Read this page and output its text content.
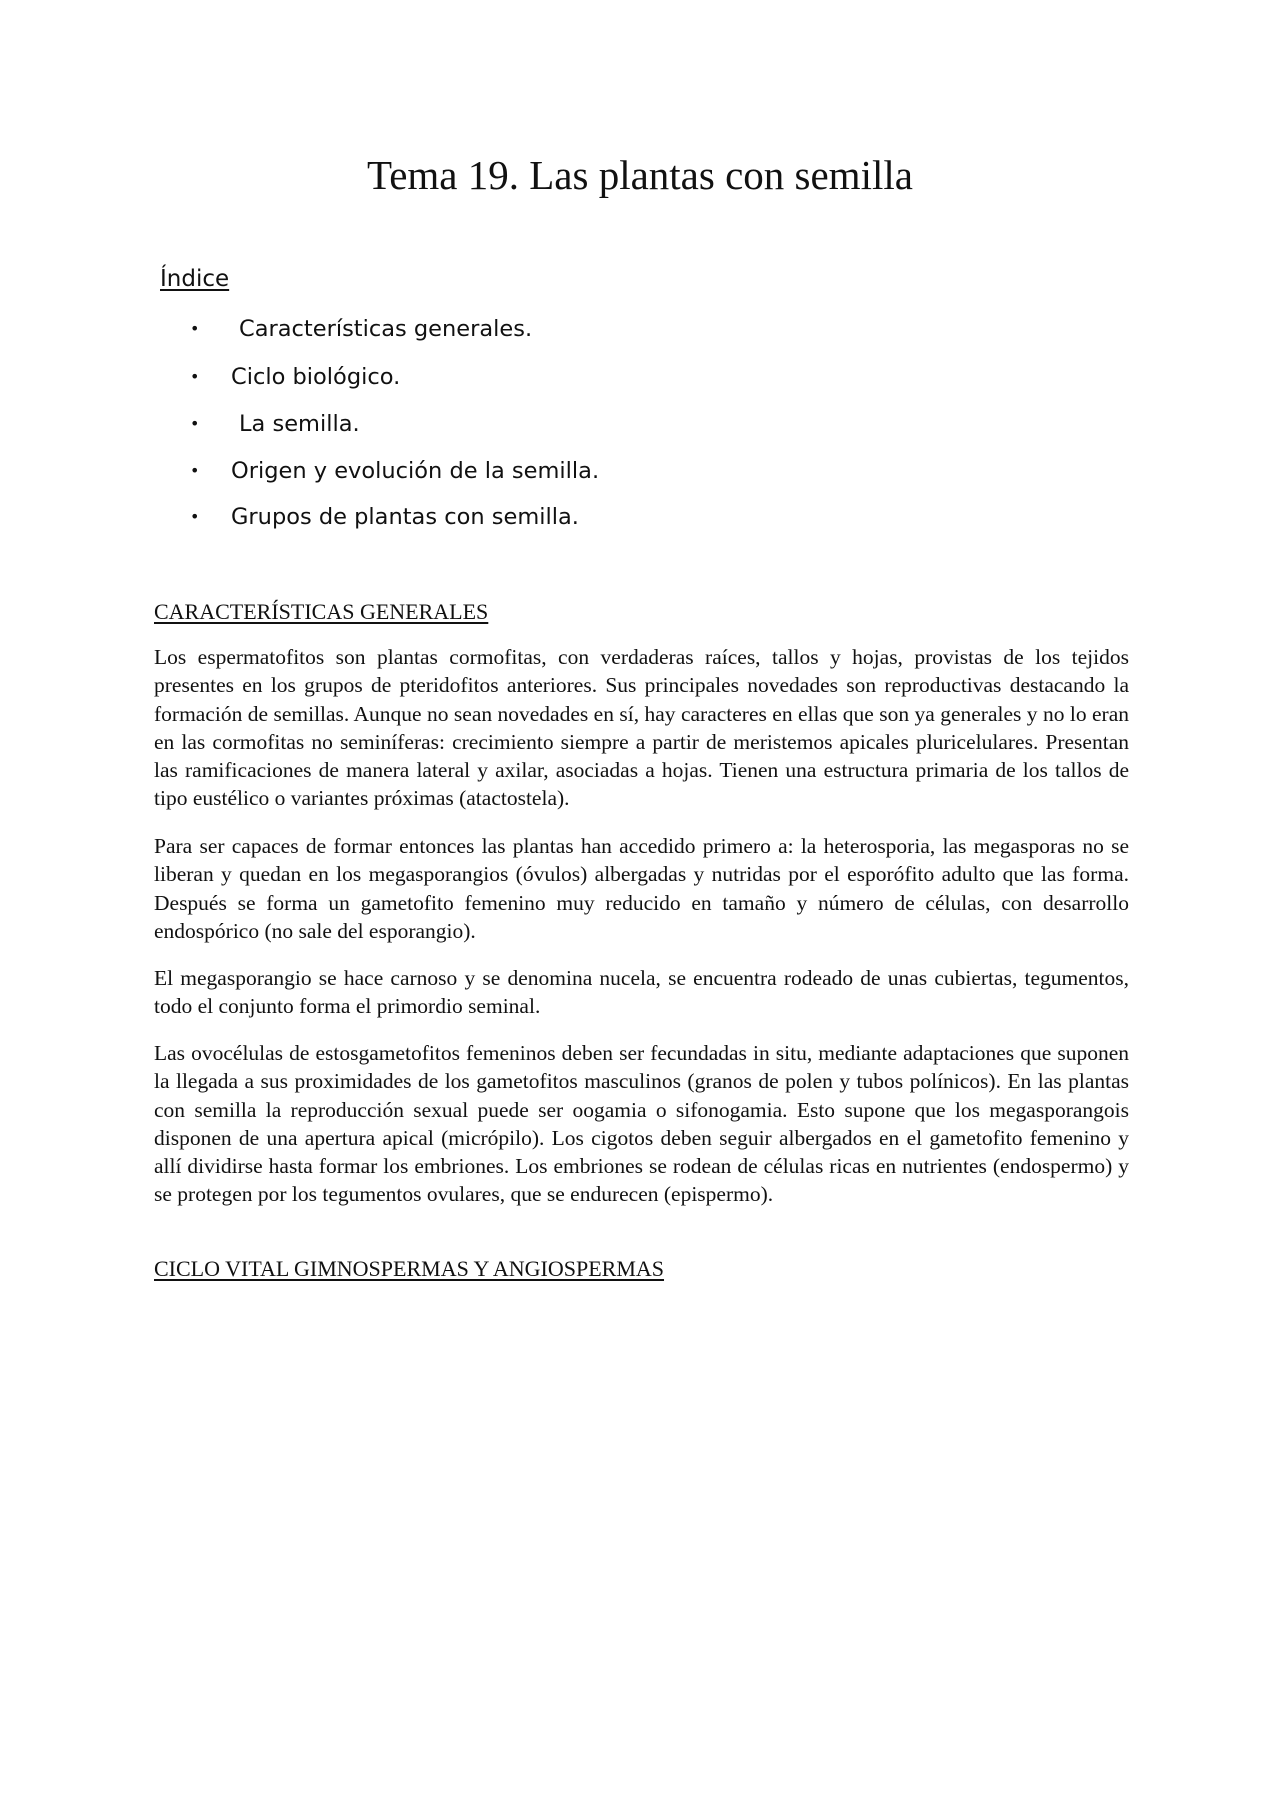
Tema 19. Las plantas con semilla
Índice
• Características generales.
• Ciclo biológico.
• La semilla.
• Origen y evolución de la semilla.
• Grupos de plantas con semilla.
CARACTERÍSTICAS GENERALES

Los espermatofitos son plantas cormofitas, con verdaderas raíces, tallos y hojas, provistas de los tejidos presentes en los grupos de pteridofitos anteriores. Sus principales novedades son reproductivas destacando la formación de semillas. Aunque no sean novedades en sí, hay caracteres en ellas que son ya generales y no lo eran en las cormofitas no seminíferas: crecimiento siempre a partir de meristemos apicales pluricelulares. Presentan las ramificaciones de manera lateral y axilar, asociadas a hojas. Tienen una estructura primaria de los tallos de tipo eustélico o variantes próximas (atactostela).

Para ser capaces de formar entonces las plantas han accedido primero a: la heterosporia, las megasporas no se liberan y quedan en los megasporangios (óvulos) albergadas y nutridas por el esporófito adulto que las forma. Después se forma un gametofito femenino muy reducido en tamaño y número de células, con desarrollo endospórico (no sale del esporangio).

El megasporangio se hace carnoso y se denomina nucela, se encuentra rodeado de unas cubiertas, tegumentos, todo el conjunto forma el primordio seminal.

Las ovocélulas de estosgametofitos femeninos deben ser fecundadas in situ, mediante adaptaciones que suponen la llegada a sus proximidades de los gametofitos masculinos (granos de polen y tubos polínicos). En las plantas con semilla la reproducción sexual puede ser oogamia o sifonogamia. Esto supone que los megasporangois disponen de una apertura apical (micrópilo). Los cigotos deben seguir albergados en el gametofito femenino y allí dividirse hasta formar los embriones. Los embriones se rodean de células ricas en nutrientes (endospermo) y se protegen por los tegumentos ovulares, que se endurecen (epispermo).

CICLO VITAL GIMNOSPERMAS Y ANGIOSPERMAS
